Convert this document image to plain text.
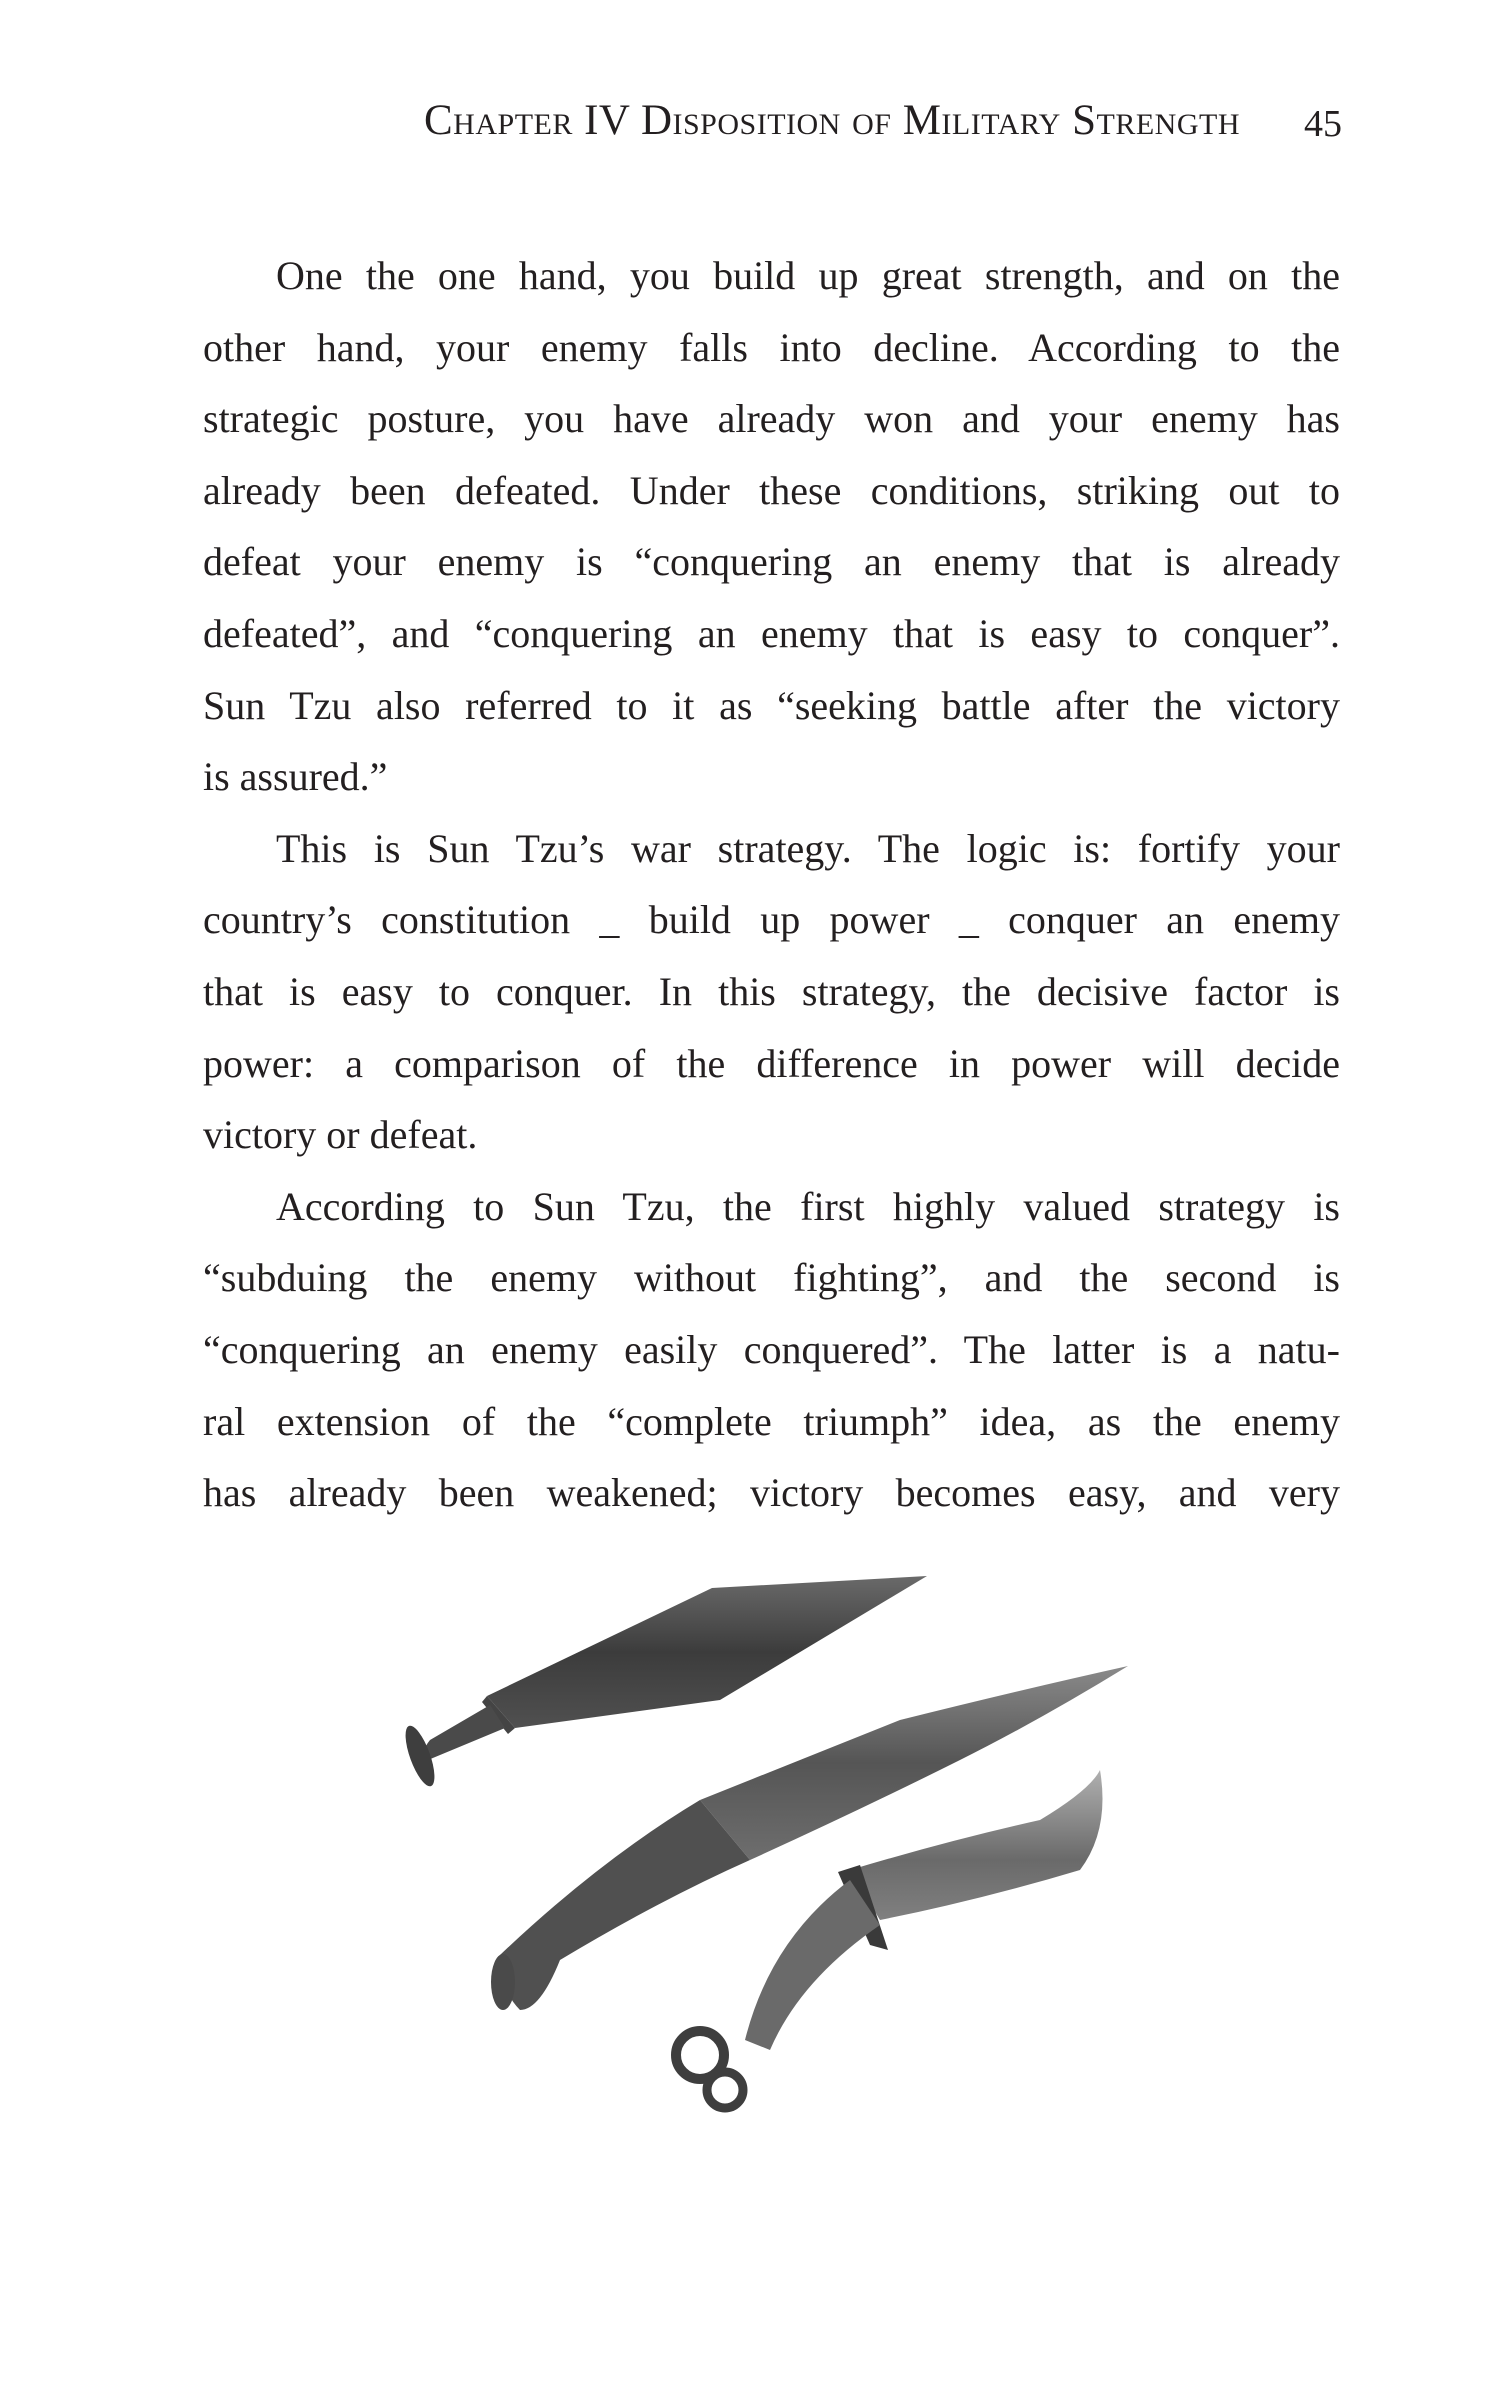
Chapter IV Disposition of Military Strength 45
One the one hand, you build up great strength, and on the
other hand, your enemy falls into decline. According to the
strategic posture, you have already won and your enemy has
already been defeated. Under these conditions, striking out to
defeat your enemy is “conquering an enemy that is already
defeated”, and “conquering an enemy that is easy to conquer”.
Sun Tzu also referred to it as “seeking battle after the victory
is assured.”
This is Sun Tzu’s war strategy. The logic is: fortify your
country’s constitution _ build up power _ conquer an enemy
that is easy to conquer. In this strategy, the decisive factor is
power: a comparison of the difference in power will decide
victory or defeat.
According to Sun Tzu, the first highly valued strategy is
“subduing the enemy without fighting”, and the second is
“conquering an enemy easily conquered”. The latter is a natu-
ral extension of the “complete triumph” idea, as the enemy
has already been weakened; victory becomes easy, and very
